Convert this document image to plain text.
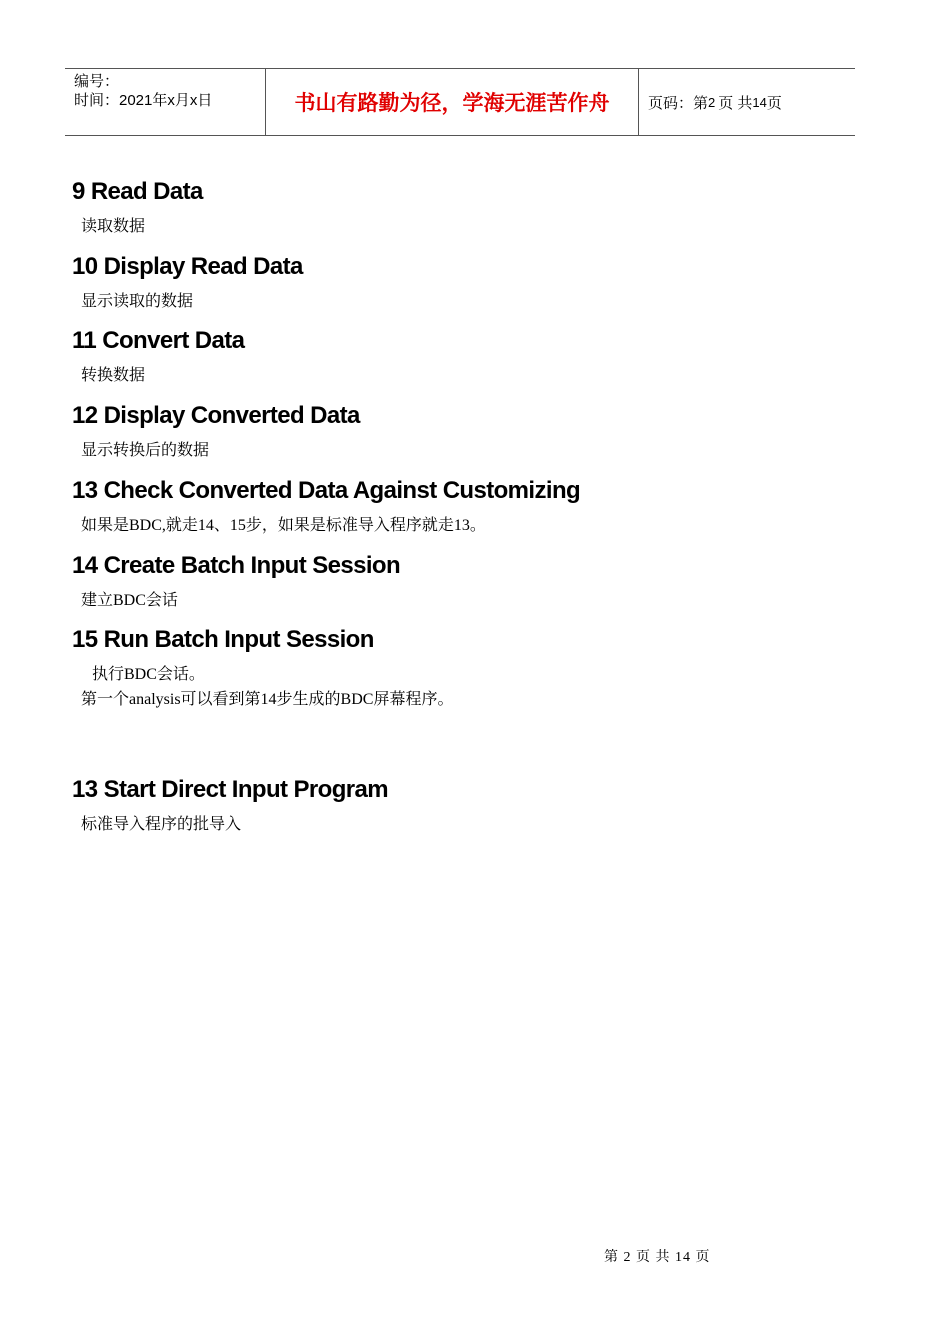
编号：
时间：2021年x月x日	书山有路勤为径，学海无涯苦作舟	页码：第 2 页 共 14 页
9 Read Data
读取数据
10 Display Read Data
显示读取的数据
11 Convert Data
转换数据
12 Display Converted Data
显示转换后的数据
13 Check Converted Data Against Customizing
如果是BDC,就走14、15步，如果是标准导入程序就走13。
14 Create Batch Input Session
建立BDC会话
15 Run Batch Input Session
执行BDC会话。
第一个analysis可以看到第14步生成的BDC屏幕程序。
13 Start Direct Input Program
标准导入程序的批导入
第 2 页 共 14 页
